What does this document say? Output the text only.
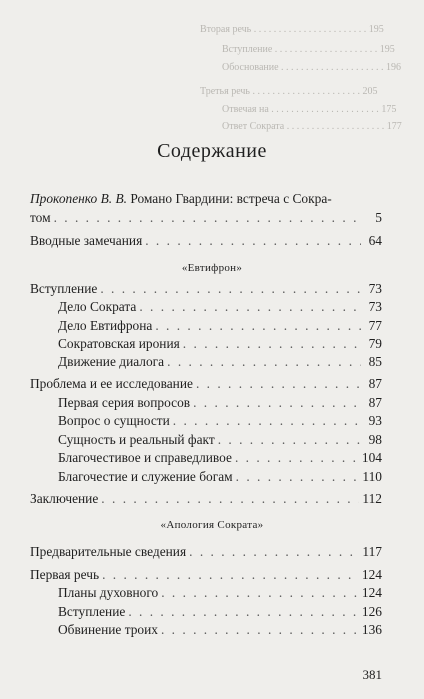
Вторая речь . . . . . . . . . . . . . . . . . . . . . . . 195
Вступление . . . . . . . . . . . . . . . . . . . . . 195
Обоснование . . . . . . . . . . . . . . . . . . . . . 196
Третья речь . . . . . . . . . . . . . . . . . . . . . . 205
Отвечая на . . . . . . . . . . . . . . . . . . . . . . 175
Ответ Сократа . . . . . . . . . . . . . . . . . . . . 177
Содержание
Прокопенко В. В. Романо Гвардини: встреча с Сокра-
том . . .	5
Вводные замечания . . .	64
«Евтифрон»
Вступление . . .	73
Дело Сократа . . .	73
Дело Евтифрона . . .	77
Сократовская ирония . . .	79
Движение диалога . . .	85
Проблема и ее исследование . . .	87
Первая серия вопросов . . .	87
Вопрос о сущности . . .	93
Сущность и реальный факт . . .	98
Благочестивое и справедливое . . .	104
Благочестие и служение богам . . .	110
Заключение . . .	112
«Апология Сократа»
Предварительные сведения . . .	117
Первая речь . . .	124
Планы духовного . . .	124
Вступление . . .	126
Обвинение троих . . .	136
381
